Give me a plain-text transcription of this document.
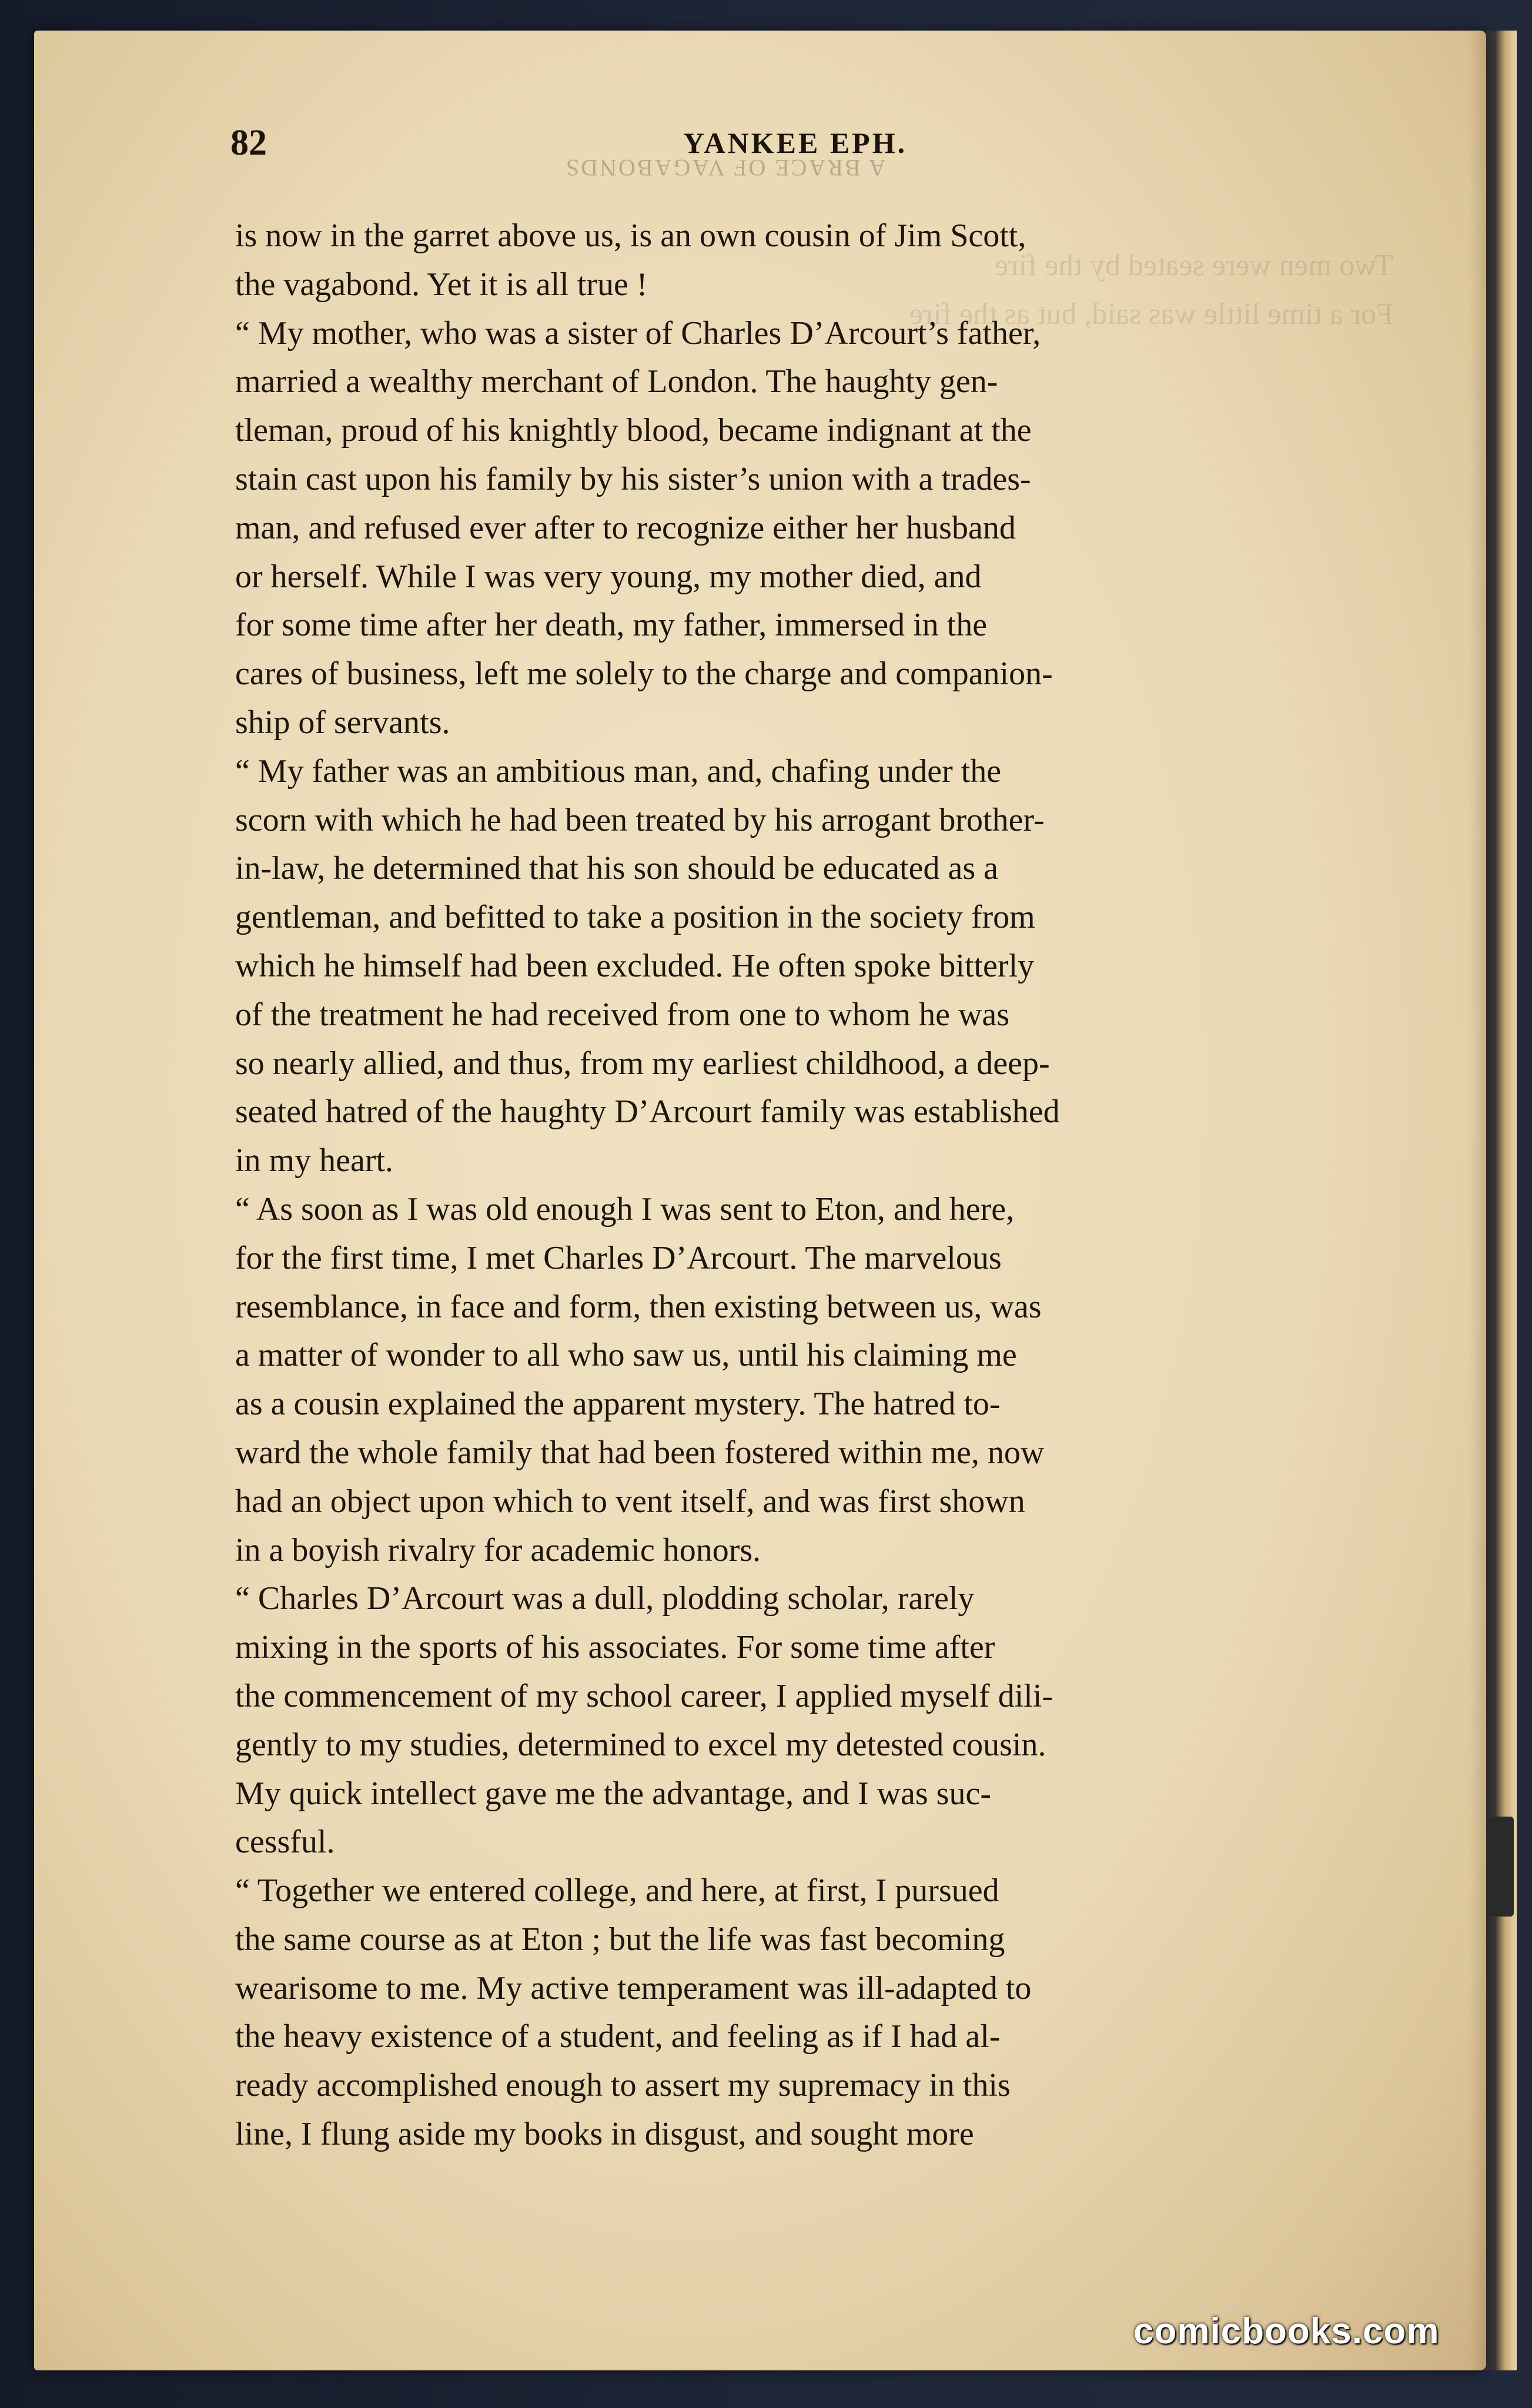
A BRACE OF VAGABONDS
Two men were seated by the fire
For a time little was said, but as the fire
82	YANKEE EPH.
is now in the garret above us, is an own cousin of Jim Scott,
the vagabond. Yet it is all true !
“ My mother, who was a sister of Charles D’Arcourt’s father,
married a wealthy merchant of London. The haughty gen-
tleman, proud of his knightly blood, became indignant at the
stain cast upon his family by his sister’s union with a trades-
man, and refused ever after to recognize either her husband
or herself. While I was very young, my mother died, and
for some time after her death, my father, immersed in the
cares of business, left me solely to the charge and companion-
ship of servants.
“ My father was an ambitious man, and, chafing under the
scorn with which he had been treated by his arrogant brother-
in-law, he determined that his son should be educated as a
gentleman, and befitted to take a position in the society from
which he himself had been excluded. He often spoke bitterly
of the treatment he had received from one to whom he was
so nearly allied, and thus, from my earliest childhood, a deep-
seated hatred of the haughty D’Arcourt family was established
in my heart.
“ As soon as I was old enough I was sent to Eton, and here,
for the first time, I met Charles D’Arcourt. The marvelous
resemblance, in face and form, then existing between us, was
a matter of wonder to all who saw us, until his claiming me
as a cousin explained the apparent mystery. The hatred to-
ward the whole family that had been fostered within me, now
had an object upon which to vent itself, and was first shown
in a boyish rivalry for academic honors.
“ Charles D’Arcourt was a dull, plodding scholar, rarely
mixing in the sports of his associates. For some time after
the commencement of my school career, I applied myself dili-
gently to my studies, determined to excel my detested cousin.
My quick intellect gave me the advantage, and I was suc-
cessful.
“ Together we entered college, and here, at first, I pursued
the same course as at Eton ; but the life was fast becoming
wearisome to me. My active temperament was ill-adapted to
the heavy existence of a student, and feeling as if I had al-
ready accomplished enough to assert my supremacy in this
line, I flung aside my books in disgust, and sought more
comicbooks.com
